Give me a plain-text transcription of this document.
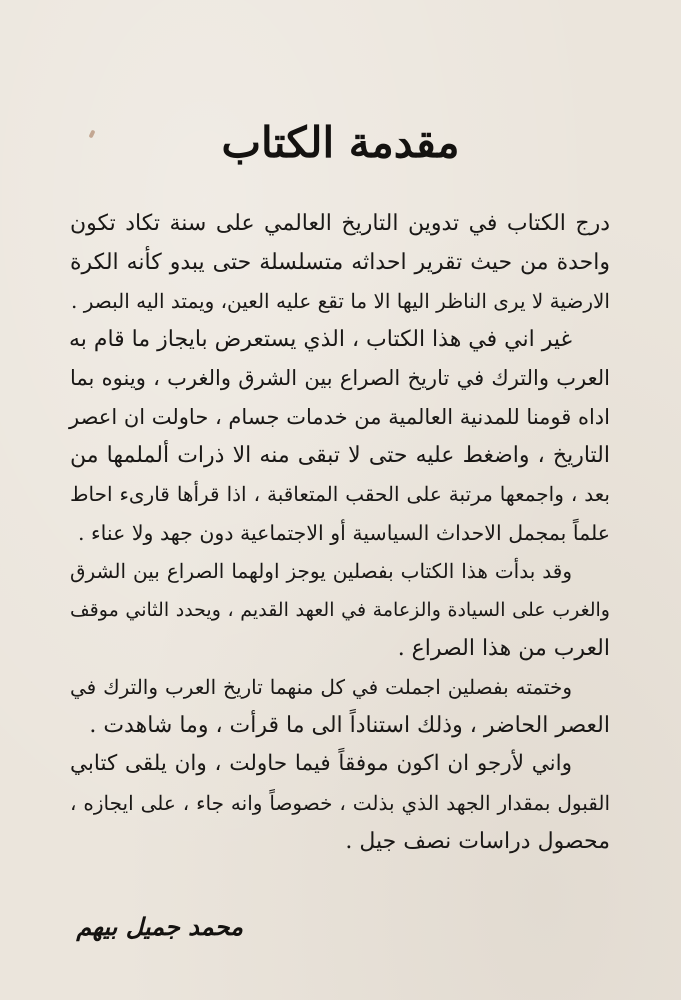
مقدمة الكتاب
درج الكتاب في تدوين التاريخ العالمي على سنة تكاد تكون
واحدة من حيث تقرير احداثه متسلسلة حتى يبدو كأنه الكرة
الارضية لا يرى الناظر اليها الا ما تقع عليه العين، ويمتد اليه البصر .
غير اني في هذا الكتاب ، الذي يستعرض بايجاز ما قام به
العرب والترك في تاريخ الصراع بين الشرق والغرب ، وينوه بما
اداه قومنا للمدنية العالمية من خدمات جسام ، حاولت ان اعصر
التاريخ ، واضغط عليه حتى لا تبقى منه الا ذرات ألملمها من
بعد ، واجمعها مرتبة على الحقب المتعاقبة ، اذا قرأها قارىء احاط
علماً بمجمل الاحداث السياسية أو الاجتماعية دون جهد ولا عناء .
وقد بدأت هذا الكتاب بفصلين يوجز اولهما الصراع بين الشرق
والغرب على السيادة والزعامة في العهد القديم ، ويحدد الثاني موقف
العرب من هذا الصراع .
وختمته بفصلين اجملت في كل منهما تاريخ العرب والترك في
العصر الحاضر ، وذلك استناداً الى ما قرأت ، وما شاهدت .
واني لأرجو ان اكون موفقاً فيما حاولت ، وان يلقى كتابي
القبول بمقدار الجهد الذي بذلت ، خصوصاً وانه جاء ، على ايجازه ،
محصول دراسات نصف جيل .
محمد جميل بيهم
